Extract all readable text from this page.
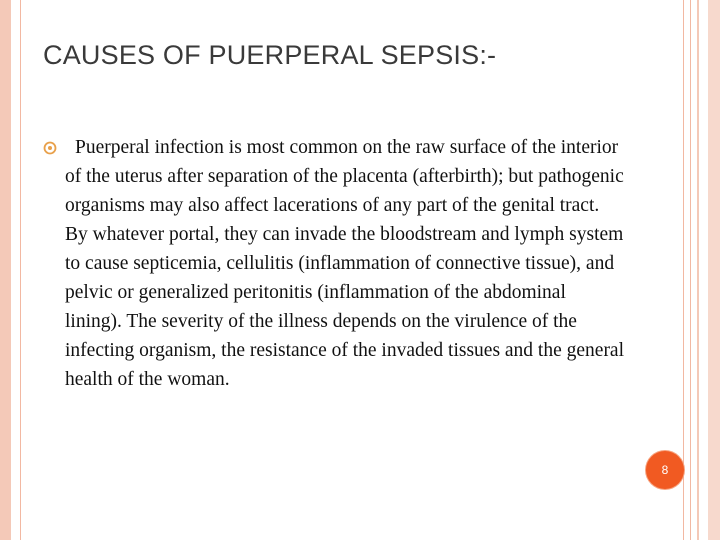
CAUSES OF PUERPERAL SEPSIS:-

Puerperal infection is most common on the raw surface of the interior of the uterus after separation of the placenta (afterbirth); but pathogenic organisms may also affect lacerations of any part of the genital tract. By whatever portal, they can invade the bloodstream and lymph system to cause septicemia, cellulitis (inflammation of connective tissue), and pelvic or generalized peritonitis (inflammation of the abdominal lining). The severity of the illness depends on the virulence of the infecting organism, the resistance of the invaded tissues and the general health of the woman.

8
